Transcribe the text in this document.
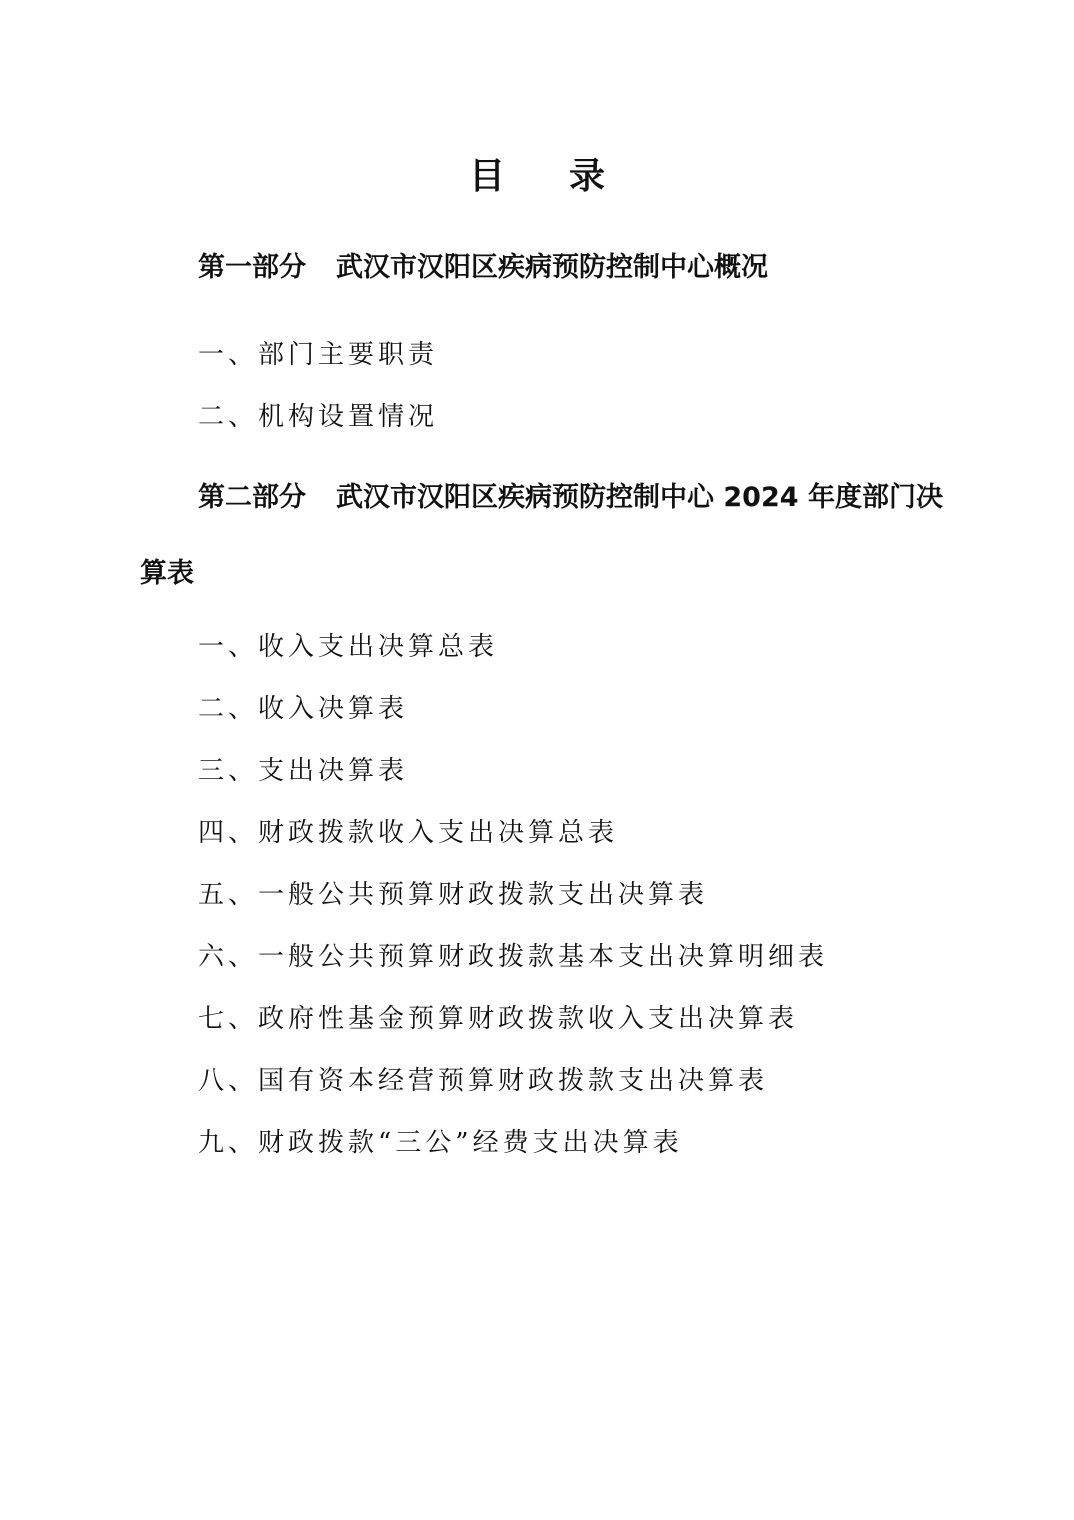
目 录
第一部分 武汉市汉阳区疾病预防控制中心概况
一、部门主要职责
二、机构设置情况
第二部分 武汉市汉阳区疾病预防控制中心 2024 年度部门决算表
一、收入支出决算总表
二、收入决算表
三、支出决算表
四、财政拨款收入支出决算总表
五、一般公共预算财政拨款支出决算表
六、一般公共预算财政拨款基本支出决算明细表
七、政府性基金预算财政拨款收入支出决算表
八、国有资本经营预算财政拨款支出决算表
九、财政拨款“三公”经费支出决算表
